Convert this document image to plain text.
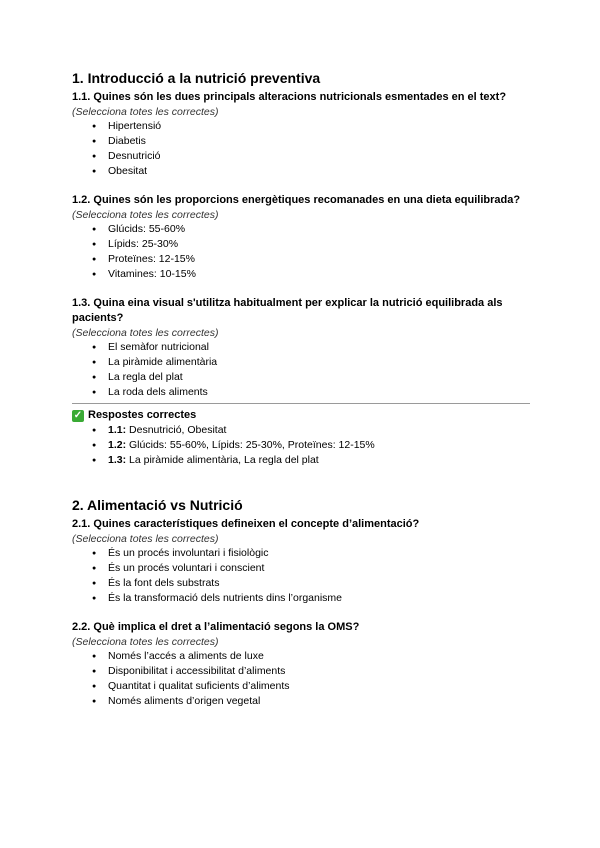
1. Introducció a la nutrició preventiva
1.1. Quines són les dues principals alteracions nutricionals esmentades en el text?

(Selecciona totes les correctes)

● Hipertensió
● Diabetis
● Desnutrició
● Obesitat
1.2. Quines són les proporcions energètiques recomanades en una dieta equilibrada?

(Selecciona totes les correctes)

● Glúcids: 55-60%
● Lípids: 25-30%
● Proteïnes: 12-15%
● Vitamines: 10-15%
1.3. Quina eina visual s'utilitza habitualment per explicar la nutrició equilibrada als pacients?

(Selecciona totes les correctes)

● El semàfor nutricional
● La piràmide alimentària
● La regla del plat
● La roda dels aliments

✓ Respostes correctes

● 1.1: Desnutrició, Obesitat
● 1.2: Glúcids: 55-60%, Lípids: 25-30%, Proteïnes: 12-15%
● 1.3: La piràmide alimentària, La regla del plat
2. Alimentació vs Nutrició
2.1. Quines característiques defineixen el concepte d’alimentació?

(Selecciona totes les correctes)

● És un procés involuntari i fisiològic
● És un procés voluntari i conscient
● És la font dels substrats
● És la transformació dels nutrients dins l’organisme
2.2. Què implica el dret a l’alimentació segons la OMS?

(Selecciona totes les correctes)

● Només l’accés a aliments de luxe
● Disponibilitat i accessibilitat d’aliments
● Quantitat i qualitat suficients d’aliments
● Només aliments d’origen vegetal
